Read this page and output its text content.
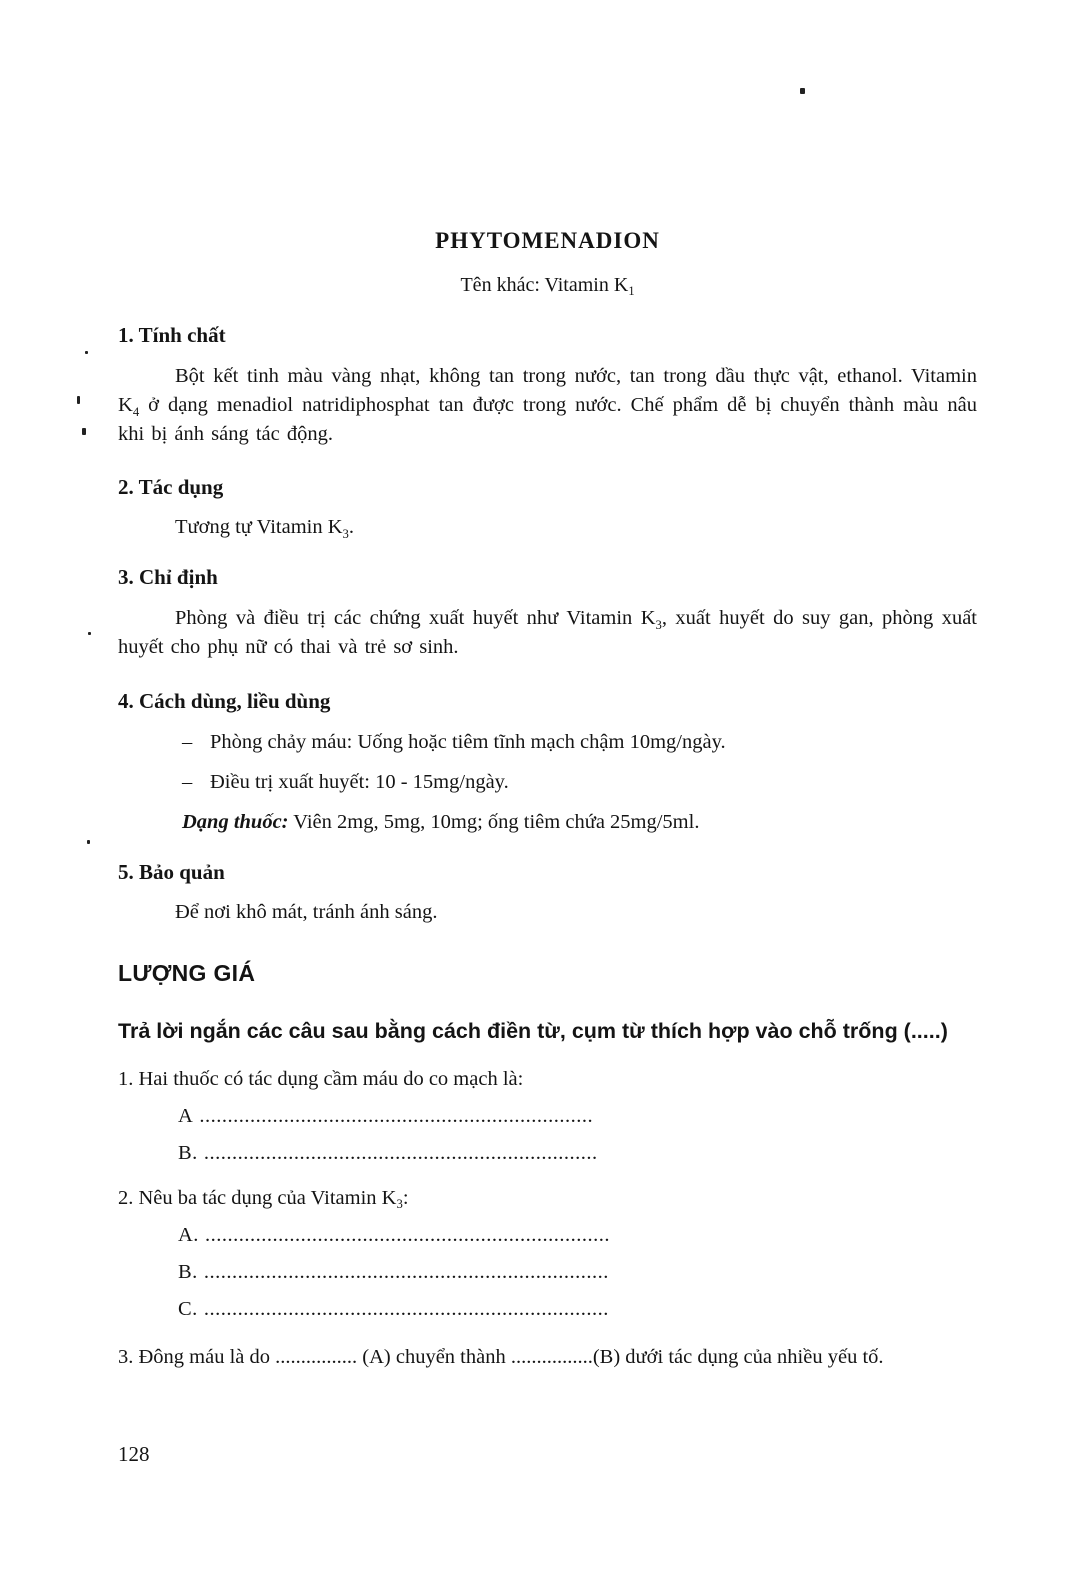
PHYTOMENADION
Tên khác: Vitamin $K_1$
1. Tính chất

Bột kết tinh màu vàng nhạt, không tan trong nước, tan trong dầu thực vật, ethanol. Vitamin $K_4$ ở dạng menadiol natridiphosphat tan được trong nước. Chế phẩm dễ bị chuyển thành màu nâu khi bị ánh sáng tác động.

2. Tác dụng

Tương tự Vitamin $K_3$.

3. Chỉ định

Phòng và điều trị các chứng xuất huyết như Vitamin $K_3$, xuất huyết do suy gan, phòng xuất huyết cho phụ nữ có thai và trẻ sơ sinh.

4. Cách dùng, liều dùng
– Phòng chảy máu: Uống hoặc tiêm tĩnh mạch chậm 10mg/ngày.
– Điều trị xuất huyết: 10 - 15mg/ngày.
Dạng thuốc: Viên 2mg, 5mg, 10mg; ống tiêm chứa 25mg/5ml.
5. Bảo quản

Để nơi khô mát, tránh ánh sáng.

LƯỢNG GIÁ
Trả lời ngắn các câu sau bằng cách điền từ, cụm từ thích hợp vào chỗ trống (.....)
1. Hai thuốc có tác dụng cầm máu do co mạch là:
A ......................................................................
B. ......................................................................
2. Nêu ba tác dụng của Vitamin $K_3$:
A. ........................................................................
B. ........................................................................
C. ........................................................................
3. Đông máu là do ................ (A) chuyển thành ................(B) dưới tác dụng của nhiều yếu tố.
128
